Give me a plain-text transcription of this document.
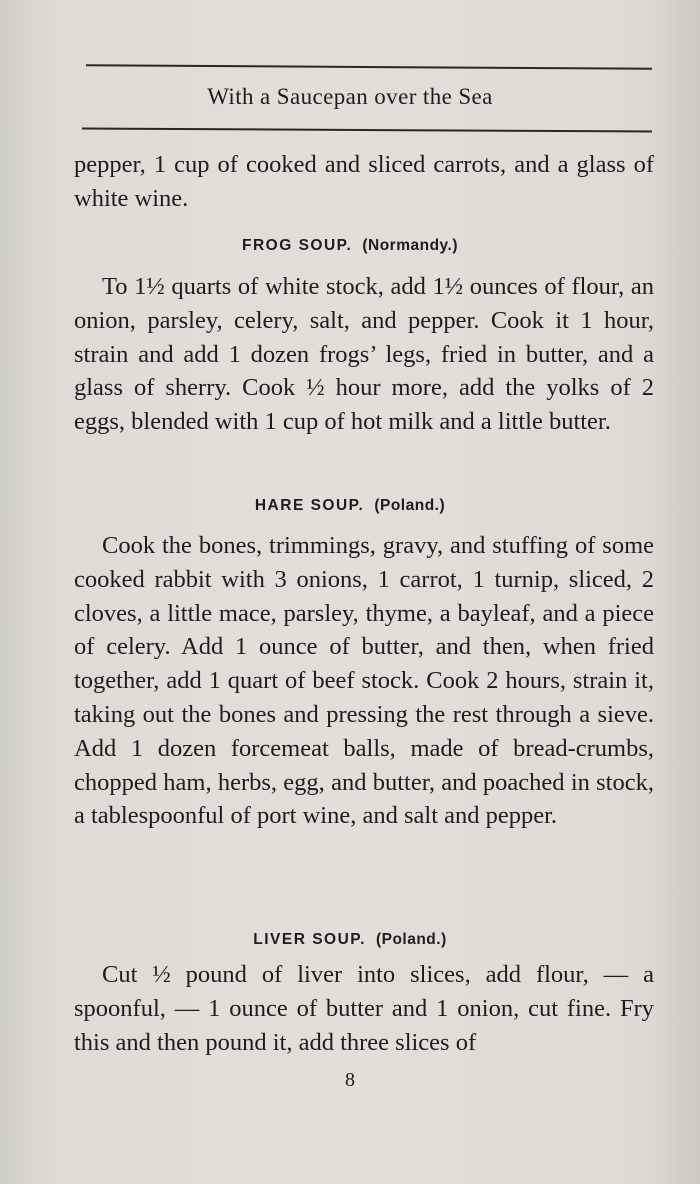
With a Saucepan over the Sea

pepper, 1 cup of cooked and sliced carrots, and a glass of white wine.

FROG SOUP. (Normandy.)

To 1½ quarts of white stock, add 1½ ounces of flour, an onion, parsley, celery, salt, and pepper. Cook it 1 hour, strain and add 1 dozen frogs’ legs, fried in butter, and a glass of sherry. Cook ½ hour more, add the yolks of 2 eggs, blended with 1 cup of hot milk and a little butter.

HARE SOUP. (Poland.)

Cook the bones, trimmings, gravy, and stuffing of some cooked rabbit with 3 onions, 1 carrot, 1 turnip, sliced, 2 cloves, a little mace, parsley, thyme, a bayleaf, and a piece of celery. Add 1 ounce of butter, and then, when fried together, add 1 quart of beef stock. Cook 2 hours, strain it, taking out the bones and pressing the rest through a sieve. Add 1 dozen forcemeat balls, made of bread-crumbs, chopped ham, herbs, egg, and butter, and poached in stock, a tablespoonful of port wine, and salt and pepper.

LIVER SOUP. (Poland.)

Cut ½ pound of liver into slices, add flour, — a spoonful, — 1 ounce of butter and 1 onion, cut fine. Fry this and then pound it, add three slices of

8
